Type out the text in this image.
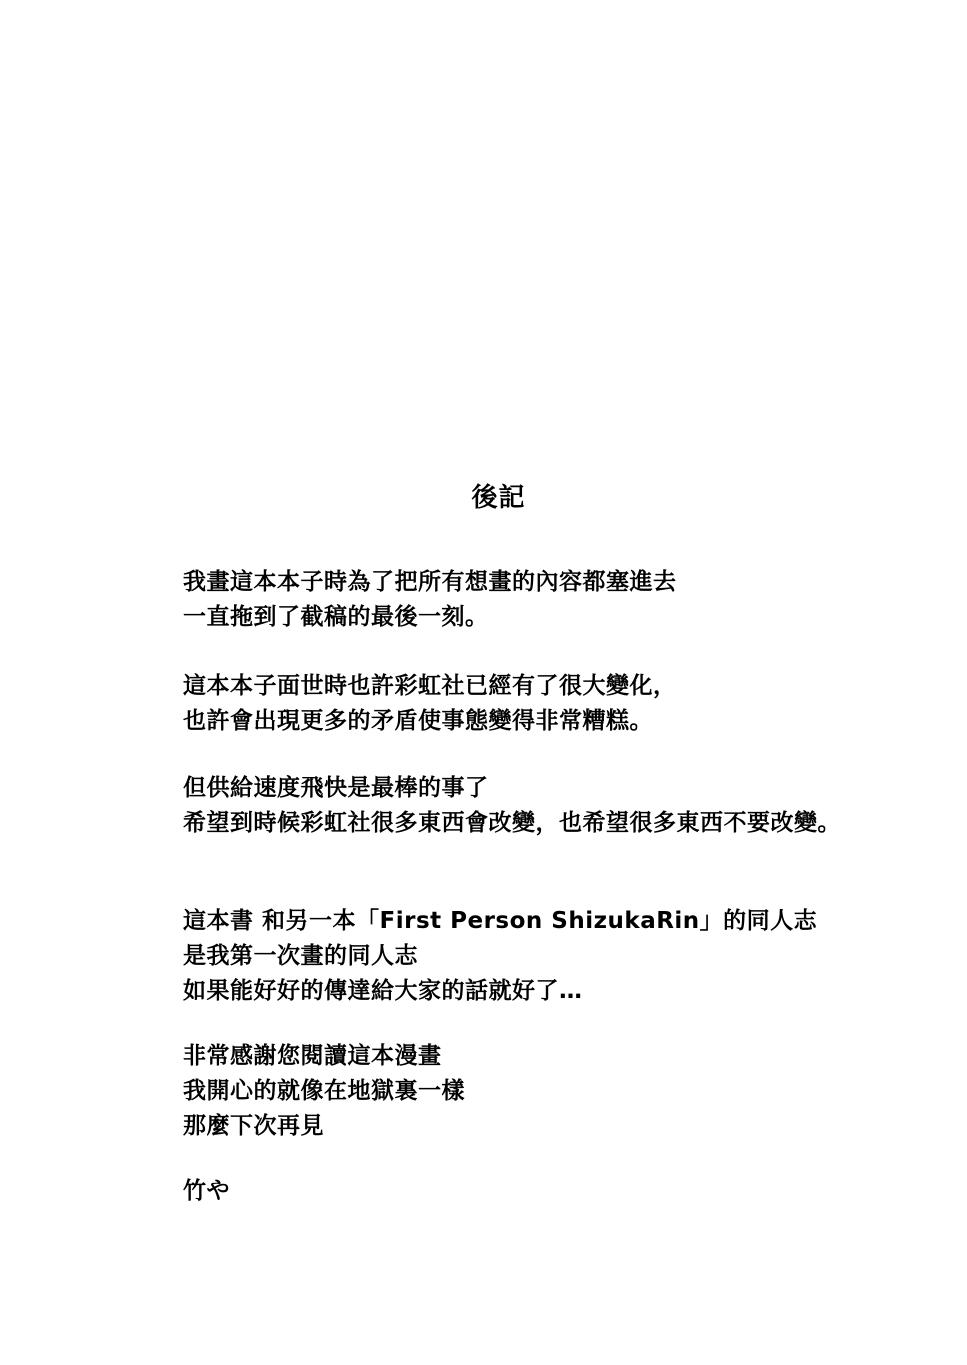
後記
我畫這本本子時為了把所有想畫的內容都塞進去
一直拖到了截稿的最後一刻。
這本本子面世時也許彩虹社已經有了很大變化，
也許會出現更多的矛盾使事態變得非常糟糕。
但供給速度飛快是最棒的事了
希望到時候彩虹社很多東西會改變，也希望很多東西不要改變。
這本書 和另一本「First Person ShizukaRin」的同人志
是我第一次畫的同人志
如果能好好的傳達給大家的話就好了…
非常感謝您閱讀這本漫畫
我開心的就像在地獄裏一樣
那麼下次再見
竹や
